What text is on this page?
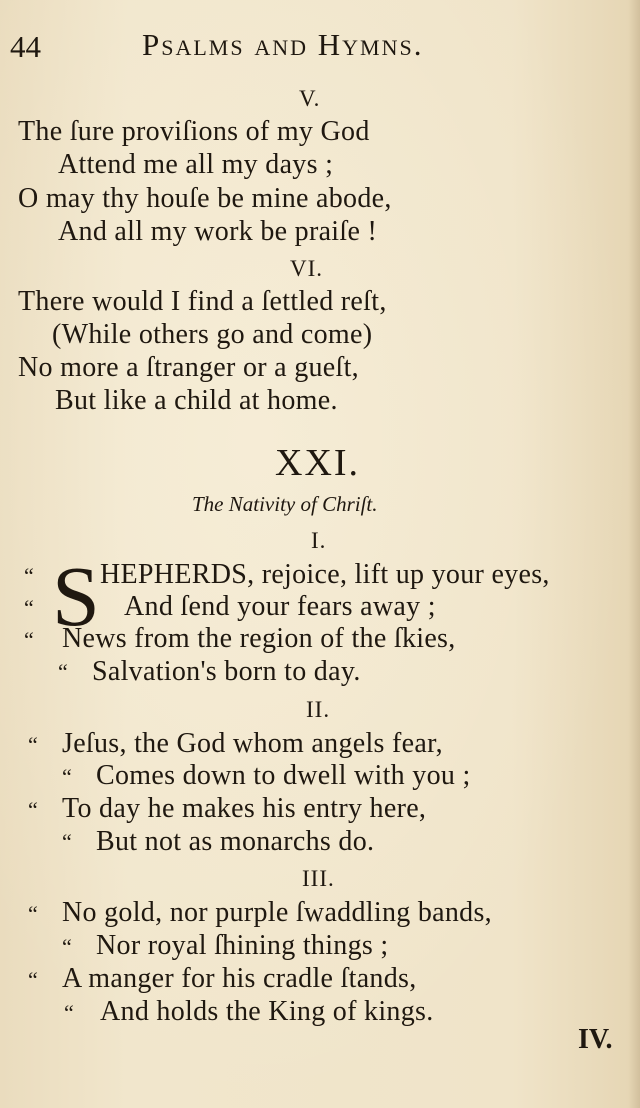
44	Psalms and Hymns.
V.
The ſure proviſions of my God
Attend me all my days ;
O may thy houſe be mine abode,
And all my work be praiſe !
VI.
There would I find a ſettled reſt,
(While others go and come)
No more a ſtranger or a gueſt,
But like a child at home.
XXI.
The Nativity of Chriſt.
I.
S
“ HEPHERDS, rejoice, lift up your eyes,
“	And ſend your fears away ;
“ News from the region of the ſkies,
“ Salvation's born to day.
II.
“ Jeſus, the God whom angels fear,
“ Comes down to dwell with you ;
“ To day he makes his entry here,
“ But not as monarchs do.
III.
“ No gold, nor purple ſwaddling bands,
“ Nor royal ſhining things ;
“ A manger for his cradle ſtands,
“ And holds the King of kings.
IV.
